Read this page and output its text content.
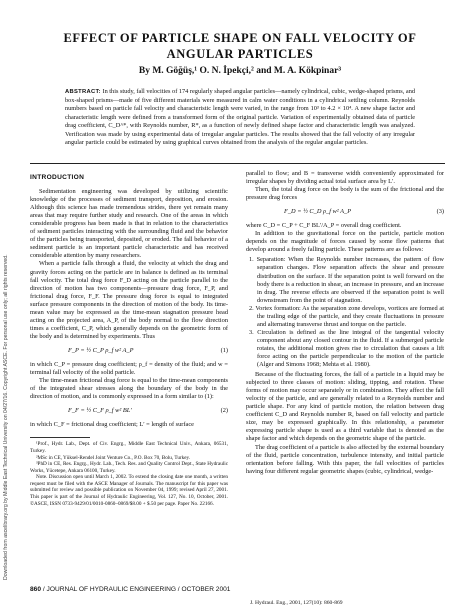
Downloaded from ascelibrary.org by Middle East Technical University on 04/27/16. Copyright ASCE. For personal use only; all rights reserved.
EFFECT OF PARTICLE SHAPE ON FALL VELOCITY OF
ANGULAR PARTICLES
By M. Göğüş,¹ O. N. İpekçi,² and M. A. Kökpinar³
ABSTRACT: In this study, fall velocities of 174 regularly shaped angular particles—namely cylindrical, cubic, wedge-shaped prisms, and box-shaped prisms—made of five different materials were measured in calm water conditions in a cylindrical settling column. Reynolds numbers based on particle fall velocity and characteristic length were varied, in the range from 10³ to 4.2 × 10⁴. A new shape factor and characteristic length were defined from a transformed form of the original particle. Variation of experimentally obtained data of particle drag coefficient, C_D^*, with Reynolds number, R*, as a function of newly defined shape factor and characteristic length was analyzed. Verification was made by using experimental data of irregular angular particles. The results showed that the fall velocity of any irregular angular particle could be estimated by using graphical curves obtained from the analysis of the regular angular particles.
INTRODUCTION

Sedimentation engineering was developed by utilizing scientific knowledge of the processes of sediment transport, deposition, and erosion. Although this science has made tremendous strides, there yet remain many areas that may require further study and research. One of the areas in which considerable progress has been made is that in relation to the characteristics of sediment particles interacting with the surrounding fluid and the behavior of the particles being transported, deposited, or eroded. The fall behavior of a sediment particle is an important particle characteristic and has received considerable attention by many researchers.

When a particle falls through a fluid, the velocity at which the drag and gravity forces acting on the particle are in balance is defined as its terminal fall velocity. The total drag force F_D acting on the particle parallel to the direction of motion has two components—pressure drag force, F_P, and frictional drag force, F_F. The pressure drag force is equal to integrated surface pressure components in the direction of motion of the body. Its time-mean value may be expressed as the time-mean stagnation pressure head acting on the projected area, A_P, of the body normal to the flow direction times a coefficient, C_P, which generally depends on the geometric form of the body and is determined by experiments. Thus

F_P = ½ C_P ρ_f w² A_P	(1)

in which C_P = pressure drag coefficient; ρ_f = density of the fluid; and w = terminal fall velocity of the solid particle.

The time-mean frictional drag force is equal to the time-mean components of the integrated shear stresses along the boundary of the body in the direction of motion, and is commonly expressed in a form similar to (1):

F_F = ½ C_F ρ_f w² BL′	(2)

in which C_F = frictional drag coefficient; L′ = length of surface

¹Prof., Hydr. Lab., Dept. of Civ. Engrg., Middle East Technical Univ., Ankara, 06531, Turkey.

²MSc in CE, Yüksel-Rendel Joint Venture Co., P.O. Box 70, Bolu, Turkey.

³PhD in CE, Res. Engrg., Hydr. Lab., Tech. Res. and Quality Control Dept., State Hydraulic Works, Yücetepe, Ankara 06100, Turkey.

Note. Discussion open until March 1, 2002. To extend the closing date one month, a written request must be filed with the ASCE Manager of Journals. The manuscript for this paper was submitted for review and possible publication on November 04, 1999; revised April 27, 2001. This paper is part of the Journal of Hydraulic Engineering, Vol. 127, No. 10, October, 2001. ©ASCE, ISSN 0733-9429/01/0010-0860–0869/$8.00 + $.50 per page. Paper No. 22166.

parallel to flow; and B = transverse width conveniently approximated for irregular shapes by dividing actual total surface area by L′.

Then, the total drag force on the body is the sum of the frictional and the pressure drag forces

F_D = ½ C_D ρ_f w² A_P	(3)

where C_D = C_P + C_F BL′/A_P = overall drag coefficient.

In addition to the gravitational force on the particle, particle motion depends on the magnitude of forces caused by some flow patterns that develop around a freely falling particle. These patterns are as follows:

1. Separation: When the Reynolds number increases, the pattern of flow separation changes. Flow separation affects the shear and pressure distribution on the surface. If the separation point is well forward on the body there is a reduction in shear, an increase in pressure, and an increase in drag. The reverse effects are observed if the separation point is well downstream from the point of stagnation.
2. Vortex formation: As the separation zone develops, vortices are formed at the trailing edge of the particle, and they create fluctuations in pressure and alternating transverse thrust and torque on the particle.
3. Circulation is defined as the line integral of the tangential velocity component about any closed contour in the fluid. If a submerged particle rotates, the additional motion gives rise to circulation that causes a lift force acting on the particle perpendicular to the motion of the particle (Alger and Simons 1968; Mehta et al. 1980).

Because of the fluctuating forces, the fall of a particle in a liquid may be subjected to three classes of motion: sliding, tipping, and rotation. These forms of motion may occur separately or in combination. They affect the fall velocity of the particle, and are generally related to a Reynolds number and particle shape. For any kind of particle motion, the relation between drag coefficient C_D and Reynolds number R, based on fall velocity and particle size, may be expressed graphically. In this relationship, a parameter expressing particle shape is used as a third variable that is denoted as the shape factor and which depends on the geometric shape of the particle.

The drag coefficient of a particle is also affected by the external boundary of the fluid, particle concentration, turbulence intensity, and initial particle orientation before falling. With this paper, the fall velocities of particles having four different regular geometric shapes (cubic, cylindrical, wedge-

860 / JOURNAL OF HYDRAULIC ENGINEERING / OCTOBER 2001
J. Hydraul. Eng., 2001, 127(10): 860-869
